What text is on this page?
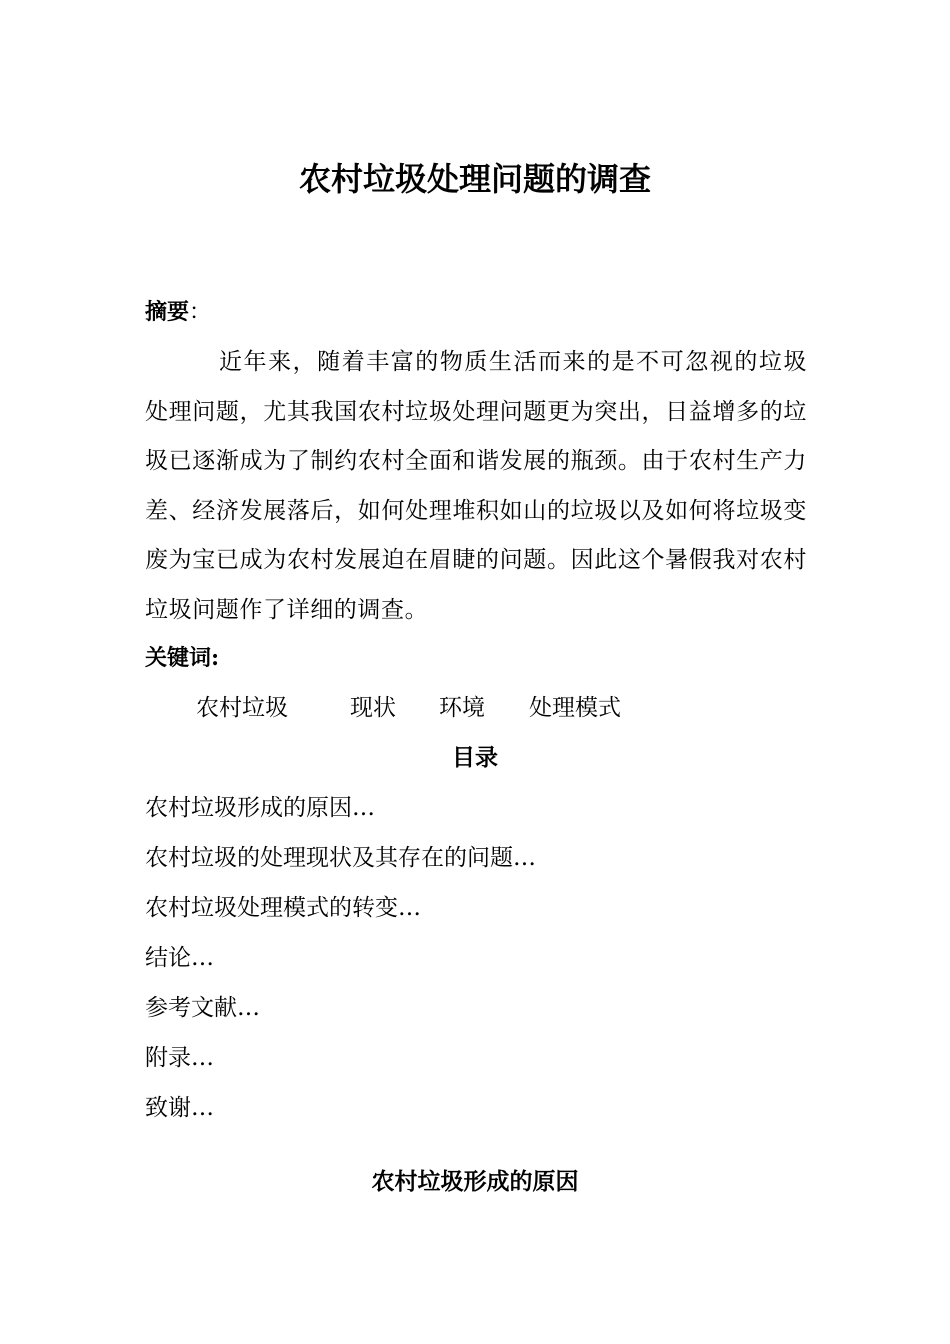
农村垃圾处理问题的调查
摘要：
近年来，随着丰富的物质生活而来的是不可忽视的垃圾处理问题，尤其我国农村垃圾处理问题更为突出，日益增多的垃圾已逐渐成为了制约农村全面和谐发展的瓶颈。由于农村生产力差、经济发展落后，如何处理堆积如山的垃圾以及如何将垃圾变废为宝已成为农村发展迫在眉睫的问题。因此这个暑假我对农村垃圾问题作了详细的调查。
关键词:
农村垃圾	现状 环境 处理模式
目录
农村垃圾形成的原因…
农村垃圾的处理现状及其存在的问题…
农村垃圾处理模式的转变…
结论…
参考文献…
附录…
致谢…
农村垃圾形成的原因
